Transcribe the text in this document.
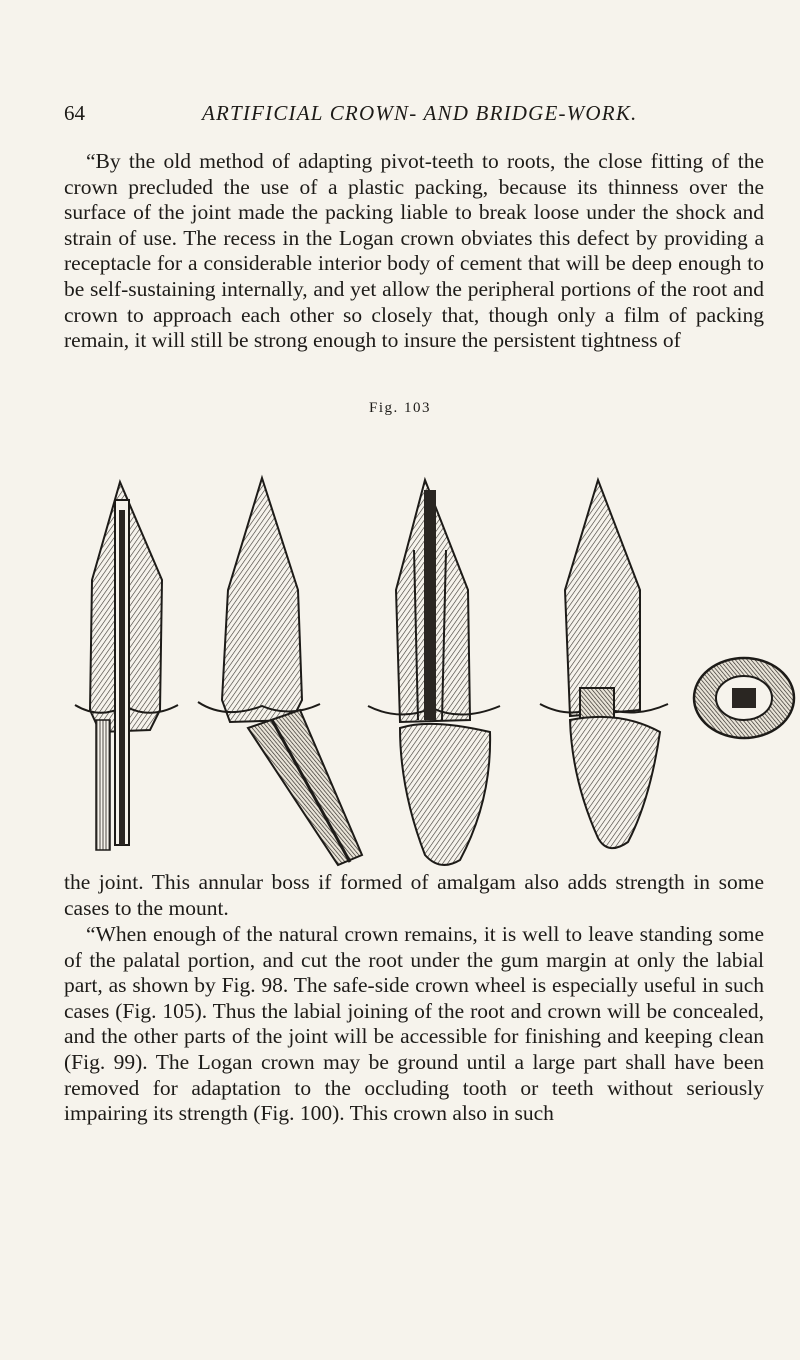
64	ARTIFICIAL CROWN- AND BRIDGE-WORK.

“By the old method of adapting pivot-teeth to roots, the close fitting of the crown precluded the use of a plastic packing, because its thinness over the surface of the joint made the packing liable to break loose under the shock and strain of use. The recess in the Logan crown obviates this defect by providing a receptacle for a considerable interior body of cement that will be deep enough to be self-sustaining internally, and yet allow the peripheral portions of the root and crown to approach each other so closely that, though only a film of packing remain, it will still be strong enough to insure the persistent tightness of

Fig. 103

the joint. This annular boss if formed of amalgam also adds strength in some cases to the mount.

“When enough of the natural crown remains, it is well to leave standing some of the palatal portion, and cut the root under the gum margin at only the labial part, as shown by Fig. 98. The safe-side crown wheel is especially useful in such cases (Fig. 105). Thus the labial joining of the root and crown will be concealed, and the other parts of the joint will be accessible for finishing and keeping clean (Fig. 99). The Logan crown may be ground until a large part shall have been removed for adaptation to the occluding tooth or teeth without seriously impairing its strength (Fig. 100). This crown also in such
